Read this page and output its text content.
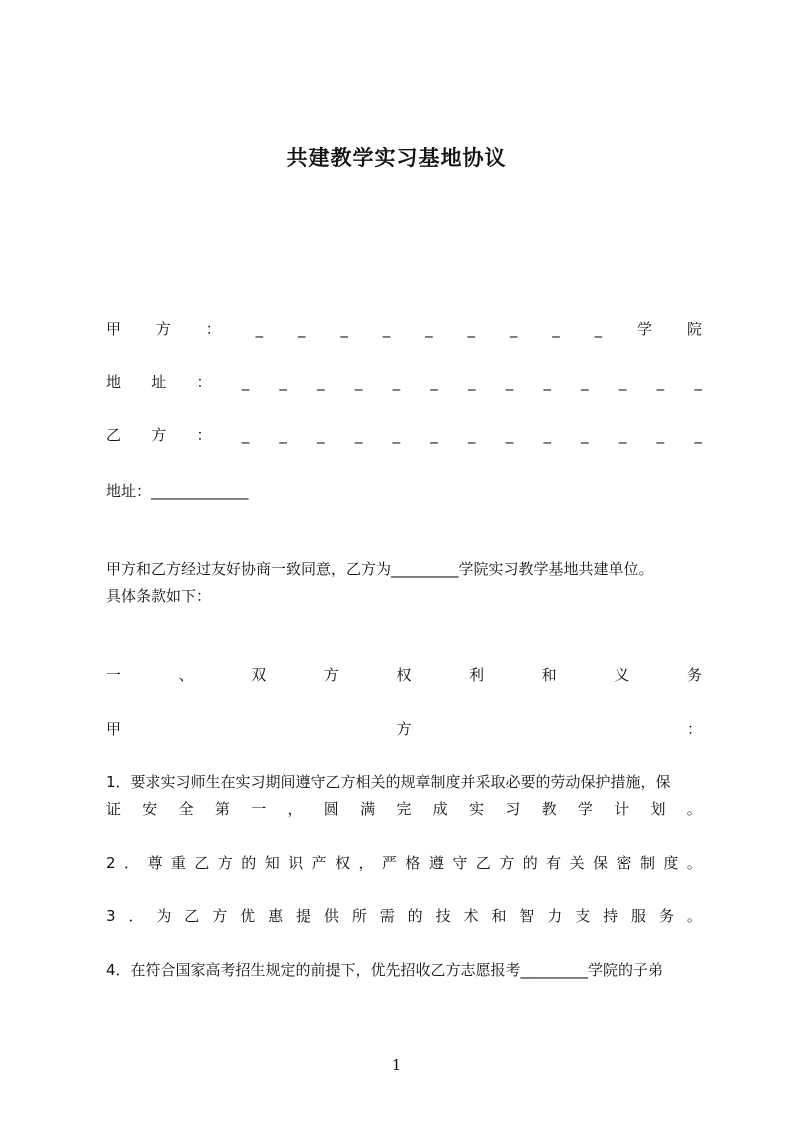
共建教学实习基地协议
甲 方 ： _ _ _ _ _ _ _ _ _ 学 院
地 址 ： _ _ _ _ _ _ _ _ _ _ _ _ _
乙 方 ： _ _ _ _ _ _ _ _ _ _ _ _ _
地址：_____________
甲方和乙方经过友好协商一致同意，乙方为_________学院实习教学基地共建单位。
具体条款如下：
一	、	双	方	权	利	和	义	务
甲	方	：
1．要求实习师生在实习期间遵守乙方相关的规章制度并采取必要的劳动保护措施，保
证 安 全 第 一 ， 圆 满 完 成 实 习 教 学 计 划 。
2 ． 尊 重 乙 方 的 知 识 产 权 ， 严 格 遵 守 乙 方 的 有 关 保 密 制 度 。
3 ． 为 乙 方 优 惠 提 供 所 需 的 技 术 和 智 力 支 持 服 务 。
4．在符合国家高考招生规定的前提下，优先招收乙方志愿报考_________学院的子弟
1
